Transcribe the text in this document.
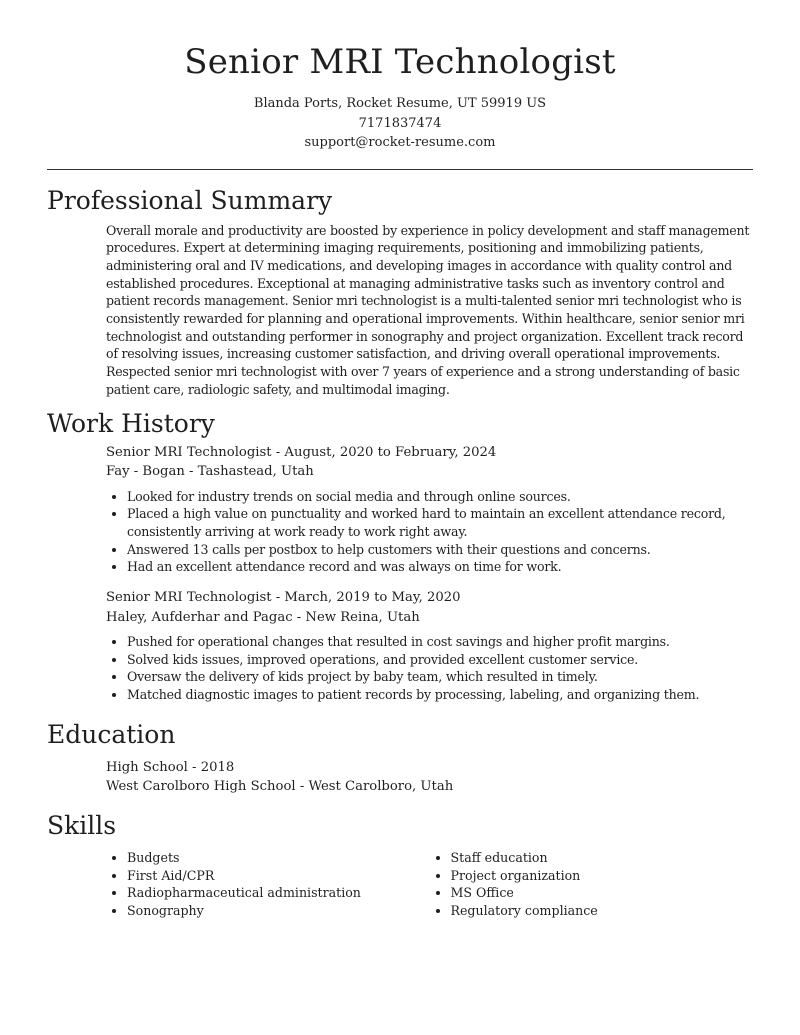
Senior MRI Technologist
Blanda Ports, Rocket Resume, UT 59919 US
7171837474
support@rocket-resume.com
Professional Summary

Overall morale and productivity are boosted by experience in policy development and staff management procedures. Expert at determining imaging requirements, positioning and immobilizing patients, administering oral and IV medications, and developing images in accordance with quality control and established procedures. Exceptional at managing administrative tasks such as inventory control and patient records management. Senior mri technologist is a multi-talented senior mri technologist who is consistently rewarded for planning and operational improvements. Within healthcare, senior senior mri technologist and outstanding performer in sonography and project organization. Excellent track record of resolving issues, increasing customer satisfaction, and driving overall operational improvements. Respected senior mri technologist with over 7 years of experience and a strong understanding of basic patient care, radiologic safety, and multimodal imaging.

Work History
Senior MRI Technologist - August, 2020 to February, 2024
Fay - Bogan - Tashastead, Utah
• Looked for industry trends on social media and through online sources.
• Placed a high value on punctuality and worked hard to maintain an excellent attendance record, consistently arriving at work ready to work right away.
• Answered 13 calls per postbox to help customers with their questions and concerns.
• Had an excellent attendance record and was always on time for work.
Senior MRI Technologist - March, 2019 to May, 2020
Haley, Aufderhar and Pagac - New Reina, Utah
• Pushed for operational changes that resulted in cost savings and higher profit margins.
• Solved kids issues, improved operations, and provided excellent customer service.
• Oversaw the delivery of kids project by baby team, which resulted in timely.
• Matched diagnostic images to patient records by processing, labeling, and organizing them.
Education
High School - 2018
West Carolboro High School - West Carolboro, Utah
Skills
• Budgets
• First Aid/CPR
• Radiopharmaceutical administration
• Sonography
• Staff education
• Project organization
• MS Office
• Regulatory compliance
